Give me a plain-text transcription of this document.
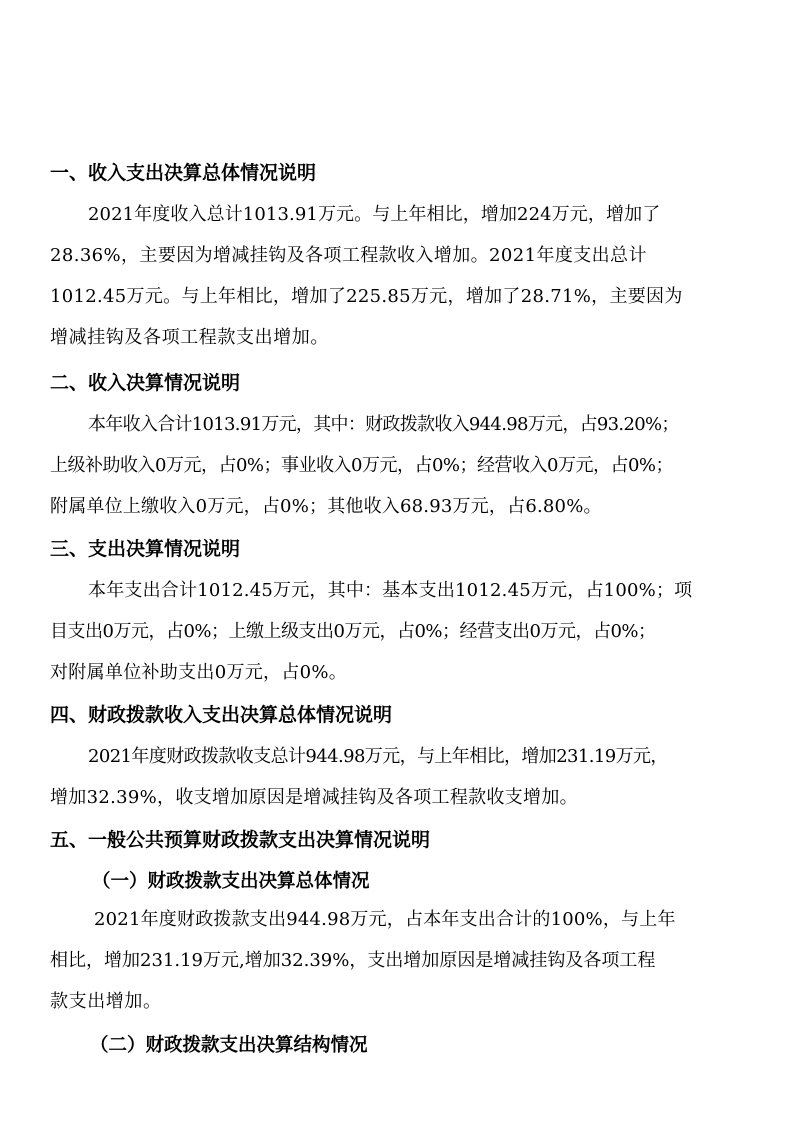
一、收入支出决算总体情况说明
2021年度收入总计1013.91万元。与上年相比，增加224万元，增加了
28.36%，主要因为增减挂钩及各项工程款收入增加。2021年度支出总计
1012.45万元。与上年相比，增加了225.85万元，增加了28.71%，主要因为
增减挂钩及各项工程款支出增加。
二、收入决算情况说明
本年收入合计1013.91万元，其中：财政拨款收入944.98万元，占93.20%；
上级补助收入0万元，占0%；事业收入0万元，占0%；经营收入0万元，占0%；
附属单位上缴收入0万元，占0%；其他收入68.93万元，占6.80%。
三、支出决算情况说明
本年支出合计1012.45万元，其中：基本支出1012.45万元，占100%；项
目支出0万元，占0%；上缴上级支出0万元，占0%；经营支出0万元，占0%；
对附属单位补助支出0万元，占0%。
四、财政拨款收入支出决算总体情况说明
2021年度财政拨款收支总计944.98万元，与上年相比，增加231.19万元，
增加32.39%，收支增加原因是增减挂钩及各项工程款收支增加。
五、一般公共预算财政拨款支出决算情况说明
（一）财政拨款支出决算总体情况
2021年度财政拨款支出944.98万元，占本年支出合计的100%，与上年
相比，增加231.19万元,增加32.39%，支出增加原因是增减挂钩及各项工程
款支出增加。
（二）财政拨款支出决算结构情况
